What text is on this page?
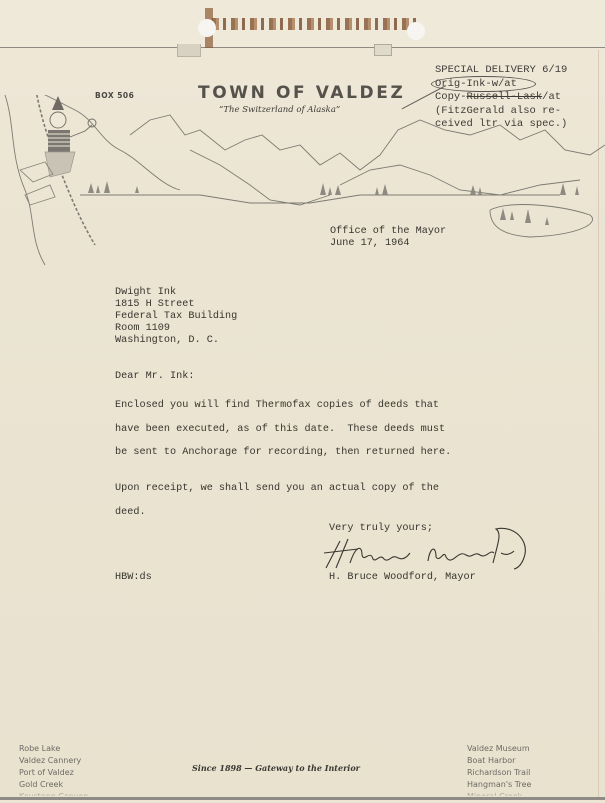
BOX 506	TOWN OF VALDEZ
“The Switzerland of Alaska”
SPECIAL DELIVERY 6/19
Orig-Ink-w/at
Copy-Russell-Lask/at
(FitzGerald also re-
ceived ltr via spec.)
Office of the Mayor
June 17, 1964
Dwight Ink
1815 H Street
Federal Tax Building
Room 1109
Washington, D. C.
Dear Mr. Ink:
Enclosed you will find Thermofax copies of deeds that
have been executed, as of this date.  These deeds must
be sent to Anchorage for recording, then returned here.
Upon receipt, we shall send you an actual copy of the
deed.
Very truly yours;
HBW:ds	H. Bruce Woodford, Mayor
Robe Lake
Valdez Cannery
Port of Valdez
Gold Creek
Since 1898 — Gateway to the Interior
Valdez Museum
Boat Harbor
Richardson Trail
Hangman's Tree
